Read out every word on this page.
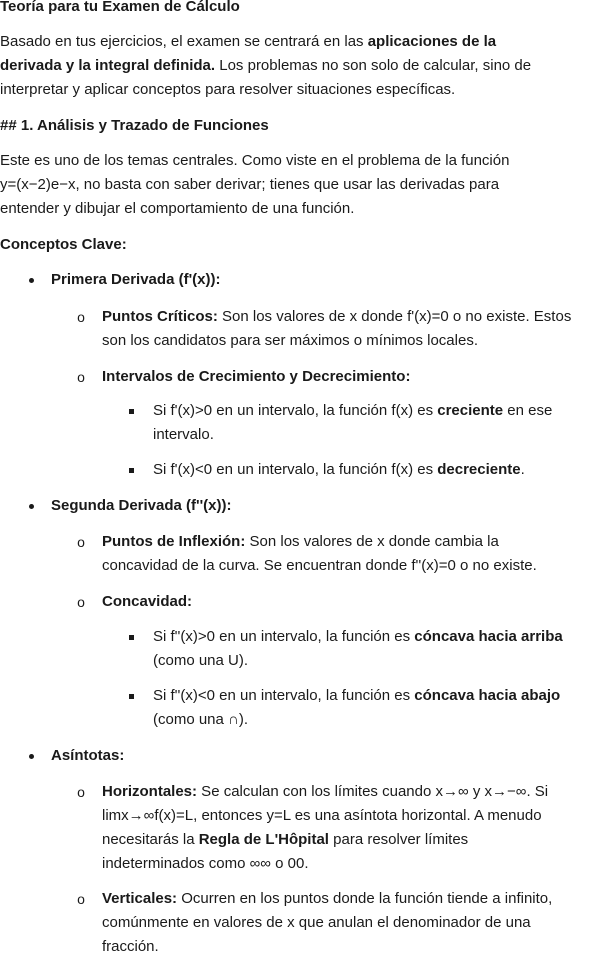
Teoría para tu Examen de Cálculo
Basado en tus ejercicios, el examen se centrará en las aplicaciones de la
derivada y la integral definida. Los problemas no son solo de calcular, sino de
interpretar y aplicar conceptos para resolver situaciones específicas.
## 1. Análisis y Trazado de Funciones
Este es uno de los temas centrales. Como viste en el problema de la función
y=(x−2)e−x, no basta con saber derivar; tienes que usar las derivadas para
entender y dibujar el comportamiento de una función.
Conceptos Clave:
Primera Derivada (f'(x)):
o Puntos Críticos: Son los valores de x donde f'(x)=0 o no existe. Estos
son los candidatos para ser máximos o mínimos locales.
o Intervalos de Crecimiento y Decrecimiento:
Si f'(x)>0 en un intervalo, la función f(x) es creciente en ese
intervalo.
Si f'(x)<0 en un intervalo, la función f(x) es decreciente.
Segunda Derivada (f''(x)):
o Puntos de Inflexión: Son los valores de x donde cambia la
concavidad de la curva. Se encuentran donde f''(x)=0 o no existe.
o Concavidad:
Si f''(x)>0 en un intervalo, la función es cóncava hacia arriba
(como una U).
Si f''(x)<0 en un intervalo, la función es cóncava hacia abajo
(como una ∩).
Asíntotas:
o Horizontales: Se calculan con los límites cuando x→∞ y x→−∞. Si
limx→∞f(x)=L, entonces y=L es una asíntota horizontal. A menudo
necesitarás la Regla de L'Hôpital para resolver límites
indeterminados como ∞∞ o 00.
o Verticales: Ocurren en los puntos donde la función tiende a infinito,
comúnmente en valores de x que anulan el denominador de una
fracción.
